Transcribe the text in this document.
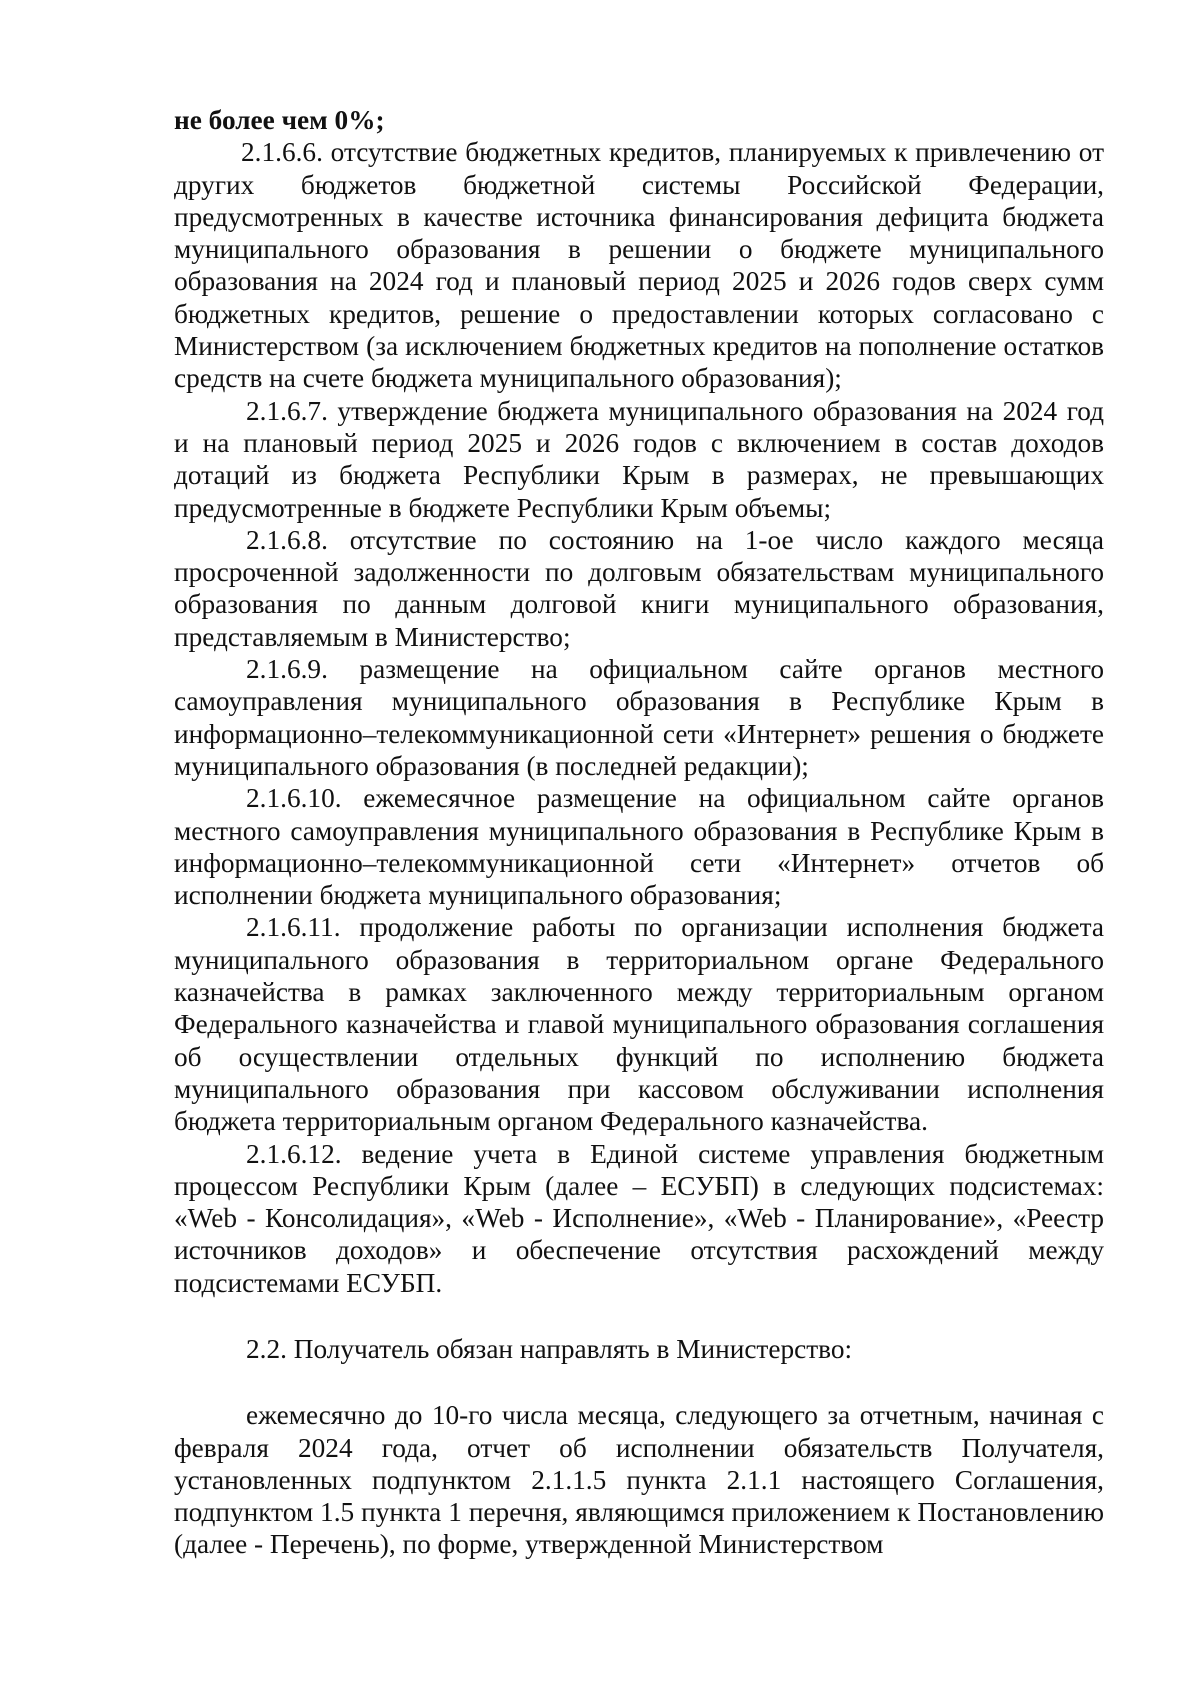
не более чем 0%;

2.1.6.6. отсутствие бюджетных кредитов, планируемых к привлечению от других бюджетов бюджетной системы Российской Федерации, предусмотренных в качестве источника финансирования дефицита бюджета муниципального образования в решении о бюджете муниципального образования на 2024 год и плановый период 2025 и 2026 годов сверх сумм бюджетных кредитов, решение о предоставлении которых согласовано с Министерством (за исключением бюджетных кредитов на пополнение остатков средств на счете бюджета муниципального образования);

2.1.6.7. утверждение бюджета муниципального образования на 2024 год и на плановый период 2025 и 2026 годов с включением в состав доходов дотаций из бюджета Республики Крым в размерах, не превышающих предусмотренные в бюджете Республики Крым объемы;

2.1.6.8. отсутствие по состоянию на 1-ое число каждого месяца просроченной задолженности по долговым обязательствам муниципального образования по данным долговой книги муниципального образования, представляемым в Министерство;

2.1.6.9. размещение на официальном сайте органов местного самоуправления муниципального образования в Республике Крым в информационно–телекоммуникационной сети «Интернет» решения о бюджете муниципального образования (в последней редакции);

2.1.6.10. ежемесячное размещение на официальном сайте органов местного самоуправления муниципального образования в Республике Крым в информационно–телекоммуникационной сети «Интернет» отчетов об исполнении бюджета муниципального образования;

2.1.6.11. продолжение работы по организации исполнения бюджета муниципального образования в территориальном органе Федерального казначейства в рамках заключенного между территориальным органом Федерального казначейства и главой муниципального образования соглашения об осуществлении отдельных функций по исполнению бюджета муниципального образования при кассовом обслуживании исполнения бюджета территориальным органом Федерального казначейства.

2.1.6.12. ведение учета в Единой системе управления бюджетным процессом Республики Крым (далее – ЕСУБП) в следующих подсистемах: «Web - Консолидация», «Web - Исполнение», «Web - Планирование», «Реестр источников доходов» и обеспечение отсутствия расхождений между подсистемами ЕСУБП.

2.2. Получатель обязан направлять в Министерство:

ежемесячно до 10-го числа месяца, следующего за отчетным, начиная с февраля 2024 года, отчет об исполнении обязательств Получателя, установленных подпунктом 2.1.1.5 пункта 2.1.1 настоящего Соглашения, подпунктом 1.5 пункта 1 перечня, являющимся приложением к Постановлению (далее - Перечень), по форме, утвержденной Министерством
